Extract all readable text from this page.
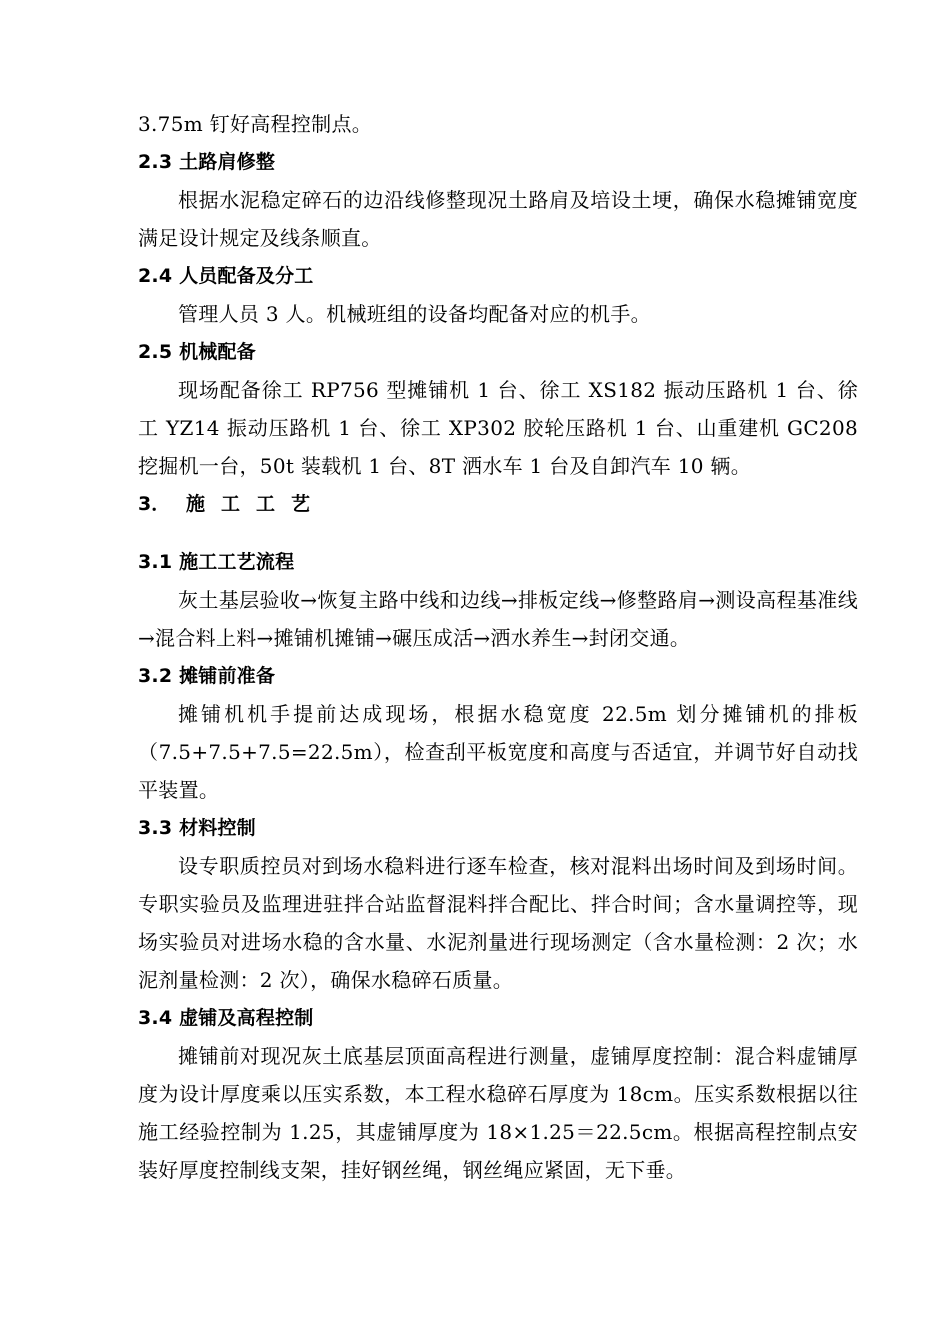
3.75m 钉好高程控制点。

2.3 土路肩修整

根据水泥稳定碎石的边沿线修整现况土路肩及培设土埂，确保水稳摊铺宽度满足设计规定及线条顺直。

2.4 人员配备及分工

管理人员 3 人。机械班组的设备均配备对应的机手。

2.5 机械配备

现场配备徐工 RP756 型摊铺机 1 台、徐工 XS182 振动压路机 1 台、徐工 YZ14 振动压路机 1 台、徐工 XP302 胶轮压路机 1 台、山重建机 GC208 挖掘机一台，50t 装载机 1 台、8T 洒水车 1 台及自卸汽车 10 辆。

3． 施工工艺
3.1 施工工艺流程

灰土基层验收→恢复主路中线和边线→排板定线→修整路肩→测设高程基准线→混合料上料→摊铺机摊铺→碾压成活→洒水养生→封闭交通。

3.2 摊铺前准备

摊铺机机手提前达成现场，根据水稳宽度 22.5m 划分摊铺机的排板（7.5+7.5+7.5=22.5m），检查刮平板宽度和高度与否适宜，并调节好自动找平装置。

3.3 材料控制

设专职质控员对到场水稳料进行逐车检查，核对混料出场时间及到场时间。专职实验员及监理进驻拌合站监督混料拌合配比、拌合时间；含水量调控等，现场实验员对进场水稳的含水量、水泥剂量进行现场测定（含水量检测：2 次；水泥剂量检测：2 次），确保水稳碎石质量。

3.4 虚铺及高程控制

摊铺前对现况灰土底基层顶面高程进行测量，虚铺厚度控制：混合料虚铺厚度为设计厚度乘以压实系数，本工程水稳碎石厚度为 18cm。压实系数根据以往施工经验控制为 1.25，其虚铺厚度为 18×1.25＝22.5cm。根据高程控制点安装好厚度控制线支架，挂好钢丝绳，钢丝绳应紧固，无下垂。
